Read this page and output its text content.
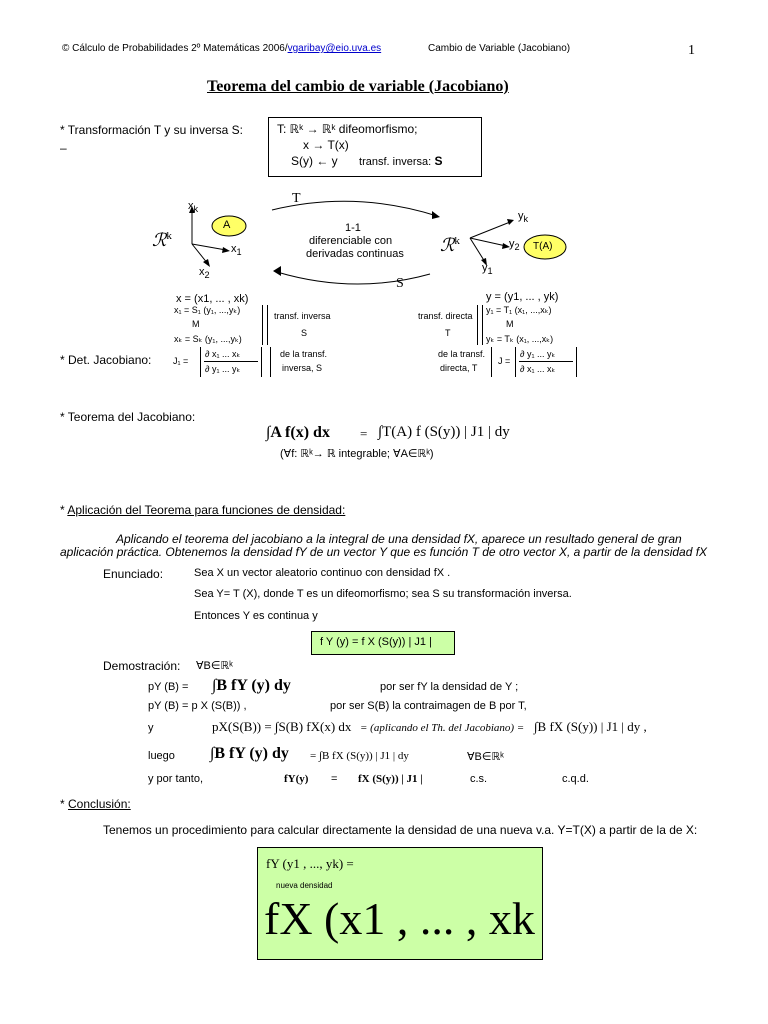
© Cálculo de Probabilidades 2º Matemáticas 2006/vgaribay@eio.uva.es	Cambio de Variable (Jacobiano)	1
Teorema del cambio de variable (Jacobiano)
* Transformación T y su inversa S:
–
T: ℝᵏ → ℝᵏ difeomorfismo;
x → T(x)
S(y) ← y transf. inversa: S
T
S
1-1
diferenciable con
derivadas continuas
ℛ$^k$	ℛ$^k$
$x_k$
$x_1$
$x_2$
A
$y_k$
$y_2$
$y_1$
T(A)
x = (x1, ... , xk)	y = (y1, ... , yk)
x₁ = S₁ (y₁, ...,yₖ)
M
xₖ = Sₖ (y₁, ...,yₖ)
transf. inversa
S
transf. directa
T
y₁ = T₁ (x₁, ...,xₖ)
M
yₖ = Tₖ (x₁, ...,xₖ)
* Det. Jacobiano: J₁ =
∂ x₁ ... xₖ
∂ y₁ ... yₖ
de la transf.
inversa, S
de la transf.
directa, T
J =
∂ y₁ ... yₖ
∂ x₁ ... xₖ
* Teorema del Jacobiano:
∫A f(x) dx = ∫T(A) f (S(y)) | J1 | dy
(∀f: ℝᵏ→ ℝ integrable; ∀A∈ℝᵏ)
* Aplicación del Teorema para funciones de densidad:
Aplicando el teorema del jacobiano a la integral de una densidad fX, aparece un resultado general de gran
aplicación práctica. Obtenemos la densidad fY de un vector Y que es función T de otro vector X, a partir de la densidad fX
Enunciado:	Sea X un vector aleatorio continuo con densidad fX .
Sea Y= T (X), donde T es un difeomorfismo; sea S su transformación inversa.
Entonces Y es continua y
f Y (y) = f X (S(y)) | J1 |
Demostración: ∀B∈ℝᵏ
pY (B) = ∫B fY (y) dy	por ser fY la densidad de Y ;
pY (B) = p X (S(B)) ,	por ser S(B) la contraimagen de B por T,
y	pX(S(B)) = ∫S(B) fX(x) dx = (aplicando el Th. del Jacobiano) = ∫B fX (S(y)) | J1 | dy ,
luego ∫B fY (y) dy = ∫B fX (S(y)) | J1 | dy	∀B∈ℝᵏ
y por tanto,	fY(y) = fX (S(y)) | J1 |	c.s.	c.q.d.
* Conclusión:
Tenemos un procedimiento para calcular directamente la densidad de una nueva v.a. Y=T(X) a partir de la de X:
fY (y1 , ..., yk) =
nueva densidad
fX (x1 , ... , xk
